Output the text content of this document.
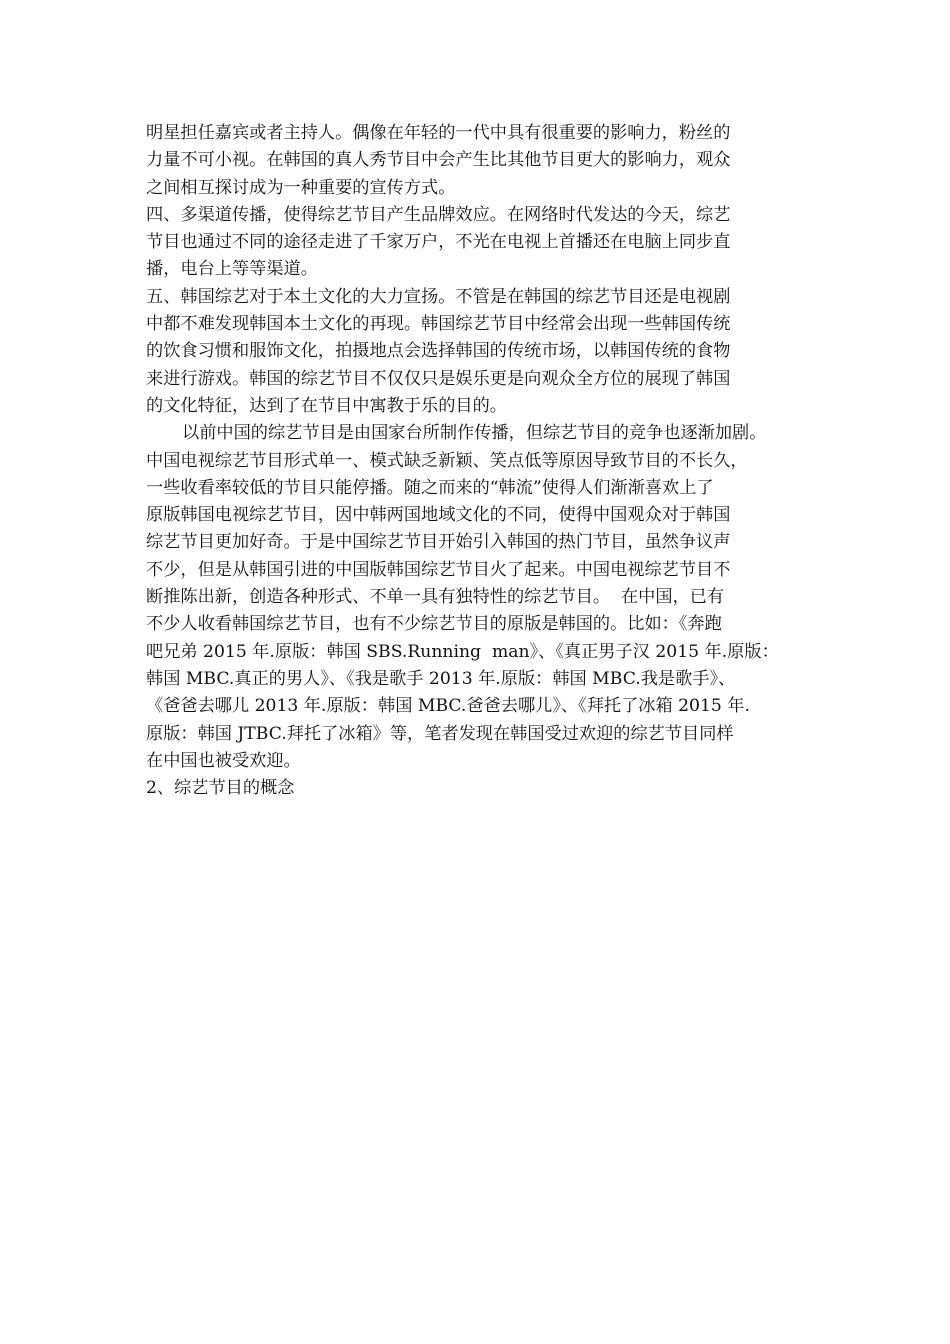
明星担任嘉宾或者主持人。偶像在年轻的一代中具有很重要的影响力，粉丝的
力量不可小视。在韩国的真人秀节目中会产生比其他节目更大的影响力，观众
之间相互探讨成为一种重要的宣传方式。
四、多渠道传播，使得综艺节目产生品牌效应。在网络时代发达的今天，综艺
节目也通过不同的途径走进了千家万户，不光在电视上首播还在电脑上同步直
播，电台上等等渠道。
五、韩国综艺对于本土文化的大力宣扬。不管是在韩国的综艺节目还是电视剧
中都不难发现韩国本土文化的再现。韩国综艺节目中经常会出现一些韩国传统
的饮食习惯和服饰文化，拍摄地点会选择韩国的传统市场，以韩国传统的食物
来进行游戏。韩国的综艺节目不仅仅只是娱乐更是向观众全方位的展现了韩国
的文化特征，达到了在节目中寓教于乐的目的。
以前中国的综艺节目是由国家台所制作传播，但综艺节目的竞争也逐渐加剧。
中国电视综艺节目形式单一、模式缺乏新颖、笑点低等原因导致节目的不长久，
一些收看率较低的节目只能停播。随之而来的“韩流”使得人们渐渐喜欢上了
原版韩国电视综艺节目，因中韩两国地域文化的不同，使得中国观众对于韩国
综艺节目更加好奇。于是中国综艺节目开始引入韩国的热门节目，虽然争议声
不少，但是从韩国引进的中国版韩国综艺节目火了起来。中国电视综艺节目不
断推陈出新，创造各种形式、不单一具有独特性的综艺节目。  在中国，已有
不少人收看韩国综艺节目，也有不少综艺节目的原版是韩国的。比如：《奔跑
吧兄弟 2015 年.原版：韩国 SBS.Running  man》、《真正男子汉 2015 年.原版：
韩国 MBC.真正的男人》、《我是歌手 2013 年.原版：韩国 MBC.我是歌手》、
《爸爸去哪儿 2013 年.原版：韩国 MBC.爸爸去哪儿》、《拜托了冰箱 2015 年.
原版：韩国 JTBC.拜托了冰箱》等，笔者发现在韩国受过欢迎的综艺节目同样
在中国也被受欢迎。
2、综艺节目的概念
